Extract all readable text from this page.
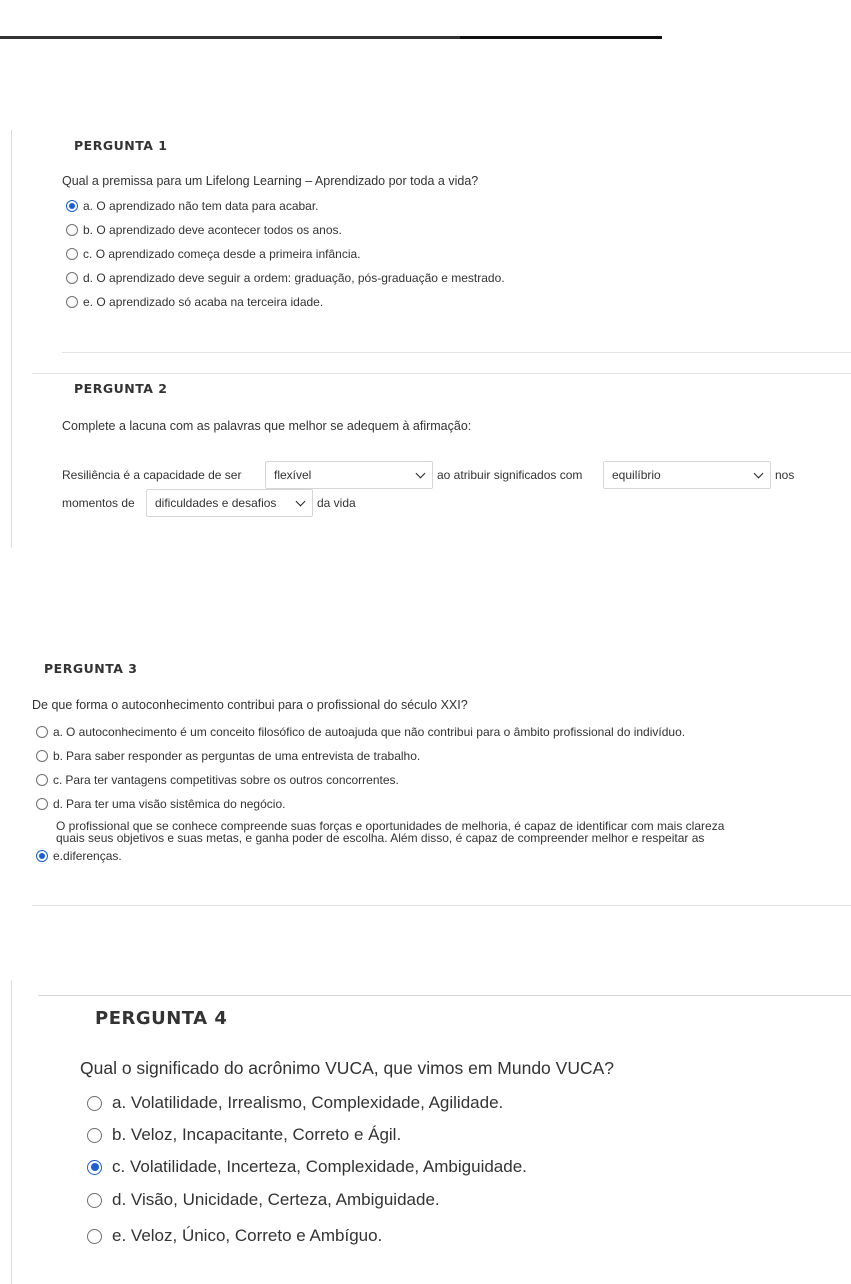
PERGUNTA 1
Qual a premissa para um Lifelong Learning – Aprendizado por toda a vida?
a.
O aprendizado não tem data para acabar.
b.
O aprendizado deve acontecer todos os anos.
c.
O aprendizado começa desde a primeira infância.
d.
O aprendizado deve seguir a ordem: graduação, pós-graduação e mestrado.
e.
O aprendizado só acaba na terceira idade.
PERGUNTA 2
Complete a lacuna com as palavras que melhor se adequem à afirmação:
Resiliência é a capacidade de ser	flexível	ao atribuir significados com equilíbrio	nos
momentos de dificuldades e desafios	da vida
PERGUNTA 3
De que forma o autoconhecimento contribui para o profissional do século XXI?
a. O autoconhecimento é um conceito filosófico de autoajuda que não contribui para o âmbito profissional do indivíduo.
b. Para saber responder as perguntas de uma entrevista de trabalho.
c. Para ter vantagens competitivas sobre os outros concorrentes.
d. Para ter uma visão sistêmica do negócio.
O profissional que se conhece compreende suas forças e oportunidades de melhoria, é capaz de identificar com mais clareza
quais seus objetivos e suas metas, e ganha poder de escolha. Além disso, é capaz de compreender melhor e respeitar as
e. diferenças.
PERGUNTA 4
Qual o significado do acrônimo VUCA, que vimos em Mundo VUCA?
a.
Volatilidade, Irrealismo, Complexidade, Agilidade.
b.
Veloz, Incapacitante, Correto e Ágil.
c.
Volatilidade, Incerteza, Complexidade, Ambiguidade.
d.
Visão, Unicidade, Certeza, Ambiguidade.
e.
Veloz, Único, Correto e Ambíguo.
